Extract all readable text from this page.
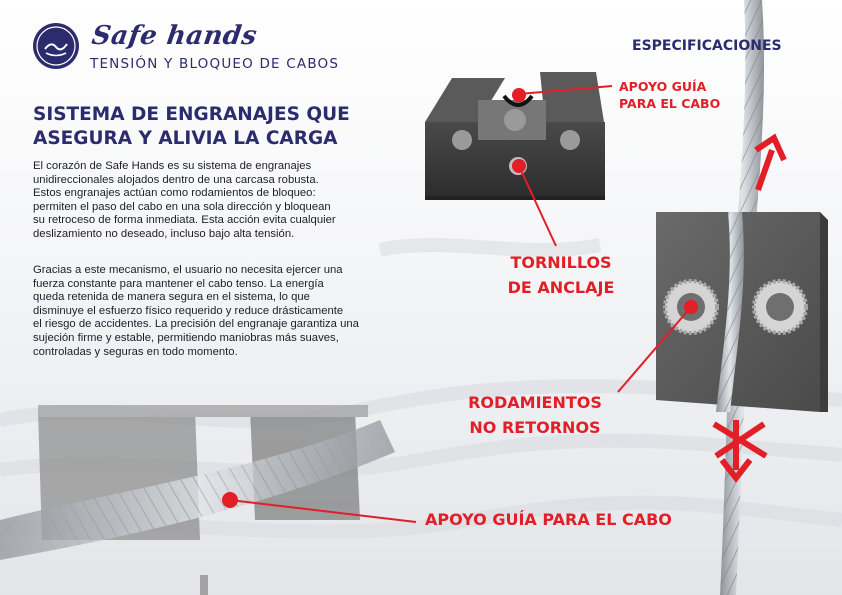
Safe hands
TENSIÓN Y BLOQUEO DE CABOS
ESPECIFICACIONES
SISTEMA DE ENGRANAJES QUE
ASEGURA Y ALIVIA LA CARGA

El corazón de Safe Hands es su sistema de engranajes
unidireccionales alojados dentro de una carcasa robusta.
Estos engranajes actúan como rodamientos de bloqueo:
permiten el paso del cabo en una sola dirección y bloquean
su retroceso de forma inmediata. Esta acción evita cualquier
deslizamiento no deseado, incluso bajo alta tensión.

Gracias a este mecanismo, el usuario no necesita ejercer una
fuerza constante para mantener el cabo tenso. La energía
queda retenida de manera segura en el sistema, lo que
disminuye el esfuerzo físico requerido y reduce drásticamente
el riesgo de accidentes. La precisión del engranaje garantiza una
sujeción firme y estable, permitiendo maniobras más suaves,
controladas y seguras en todo momento.

APOYO GUÍA
PARA EL CABO
TORNILLOS
DE ANCLAJE
RODAMIENTOS
NO RETORNOS
APOYO GUÍA PARA EL CABO
